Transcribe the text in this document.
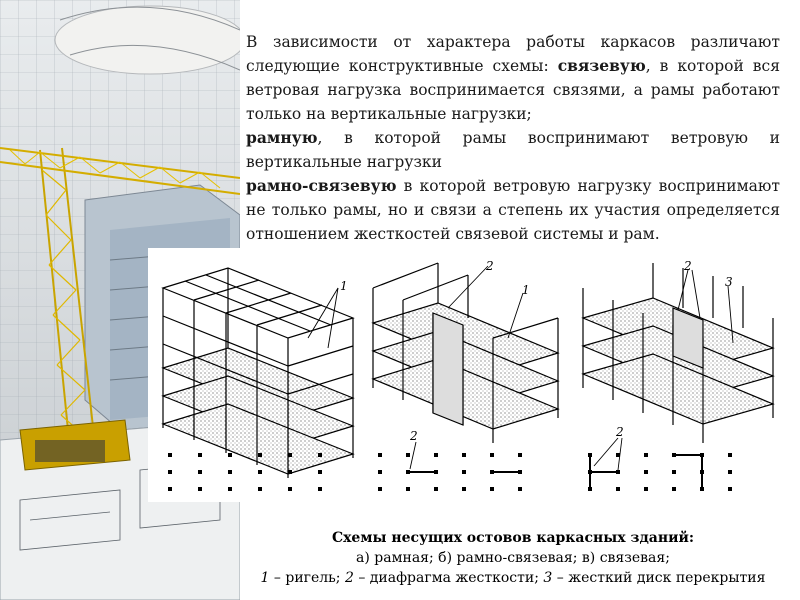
В зависимости от характера работы каркасов различают следующие конструктивные схемы: связевую, в которой вся ветровая нагрузка воспринимается связями, а рамы работают только на вертикальные нагрузки;

рамную, в которой рамы воспринимают ветровую и вертикальные нагрузки

рамно-связевую в которой ветровую нагрузку воспринимают не только рамы, но и связи а степень их участия определяется отношением жесткостей связевой системы и рам.

1
2
1
2
2
3
2
Схемы несущих остовов каркасных зданий:
а) рамная; б) рамно-связевая; в) связевая;
1 – ригель; 2 – диафрагма жесткости; 3 – жесткий диск перекрытия
